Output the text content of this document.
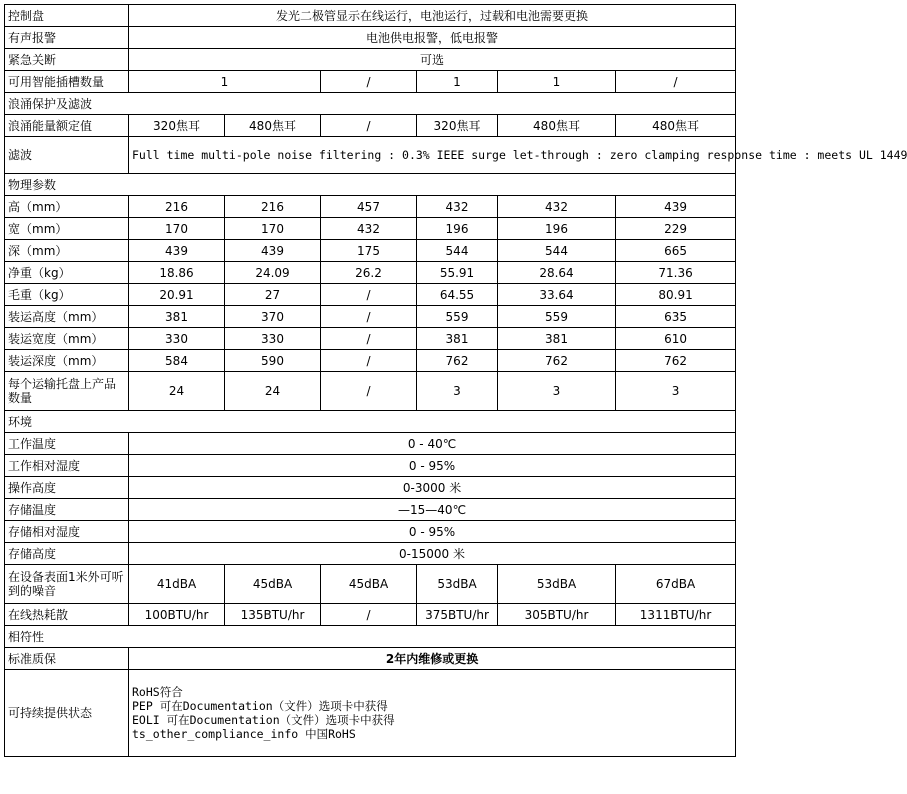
控制盘	发光二极管显示在线运行，电池运行，过载和电池需要更换					
有声报警	电池供电报警，低电报警					
紧急关断	可选					
可用智能插槽数量	1		/	1	1	/
浪涌保护及滤波						
浪涌能量额定值	320焦耳	480焦耳	/	320焦耳	480焦耳	480焦耳
滤波	Full time multi-pole noise filtering : 0.3% IEEE surge let-through : zero clamping response time : meets UL 1449					
物理参数						
高（mm）	216	216	457	432	432	439
宽（mm）	170	170	432	196	196	229
深（mm）	439	439	175	544	544	665
净重（kg）	18.86	24.09	26.2	55.91	28.64	71.36
毛重（kg）	20.91	27	/	64.55	33.64	80.91
装运高度（mm）	381	370	/	559	559	635
装运宽度（mm）	330	330	/	381	381	610
装运深度（mm）	584	590	/	762	762	762
每个运输托盘上产品数量	24	24	/	3	3	3
环境						
工作温度	0 - 40℃					
工作相对湿度	0 - 95%					
操作高度	0-3000 米					
存储温度	—15—40℃					
存储相对湿度	0 - 95%					
存储高度	0-15000 米					
在设备表面1米外可听到的噪音	41dBA	45dBA	45dBA	53dBA	53dBA	67dBA
在线热耗散	100BTU/hr	135BTU/hr	/	375BTU/hr	305BTU/hr	1311BTU/hr
相符性						
标准质保	2年内维修或更换					
可持续提供状态	RoHS符合
PEP 可在Documentation（文件）选项卡中获得
EOLI 可在Documentation（文件）选项卡中获得
ts_other_compliance_info 中国RoHS					
